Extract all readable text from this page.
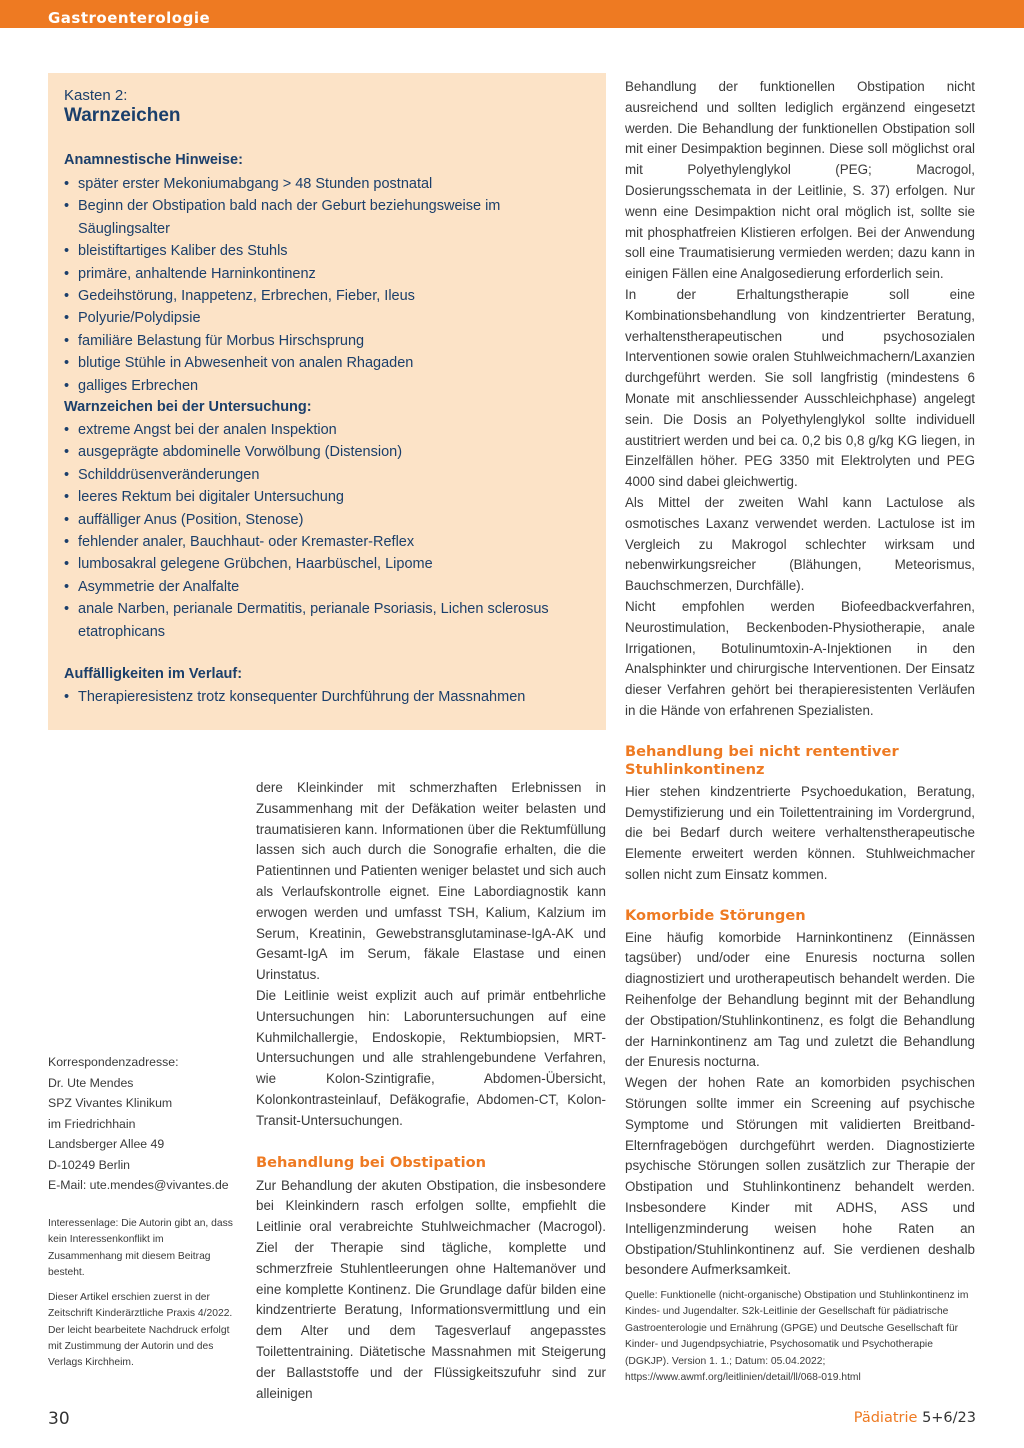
Gastroenterologie
Kasten 2:
Warnzeichen
Anamnestische Hinweise:
• später erster Mekoniumabgang > 48 Stunden postnatal
• Beginn der Obstipation bald nach der Geburt beziehungsweise im Säuglingsalter
• bleistiftartiges Kaliber des Stuhls
• primäre, anhaltende Harninkontinenz
• Gedeihstörung, Inappetenz, Erbrechen, Fieber, Ileus
• Polyurie/Polydipsie
• familiäre Belastung für Morbus Hirschsprung
• blutige Stühle in Abwesenheit von analen Rhagaden
• galliges Erbrechen
Warnzeichen bei der Untersuchung:
• extreme Angst bei der analen Inspektion
• ausgeprägte abdominelle Vorwölbung (Distension)
• Schilddrüsenveränderungen
• leeres Rektum bei digitaler Untersuchung
• auffälliger Anus (Position, Stenose)
• fehlender analer, Bauchhaut- oder Kremaster-Reflex
• lumbosakral gelegene Grübchen, Haarbüschel, Lipome
• Asymmetrie der Analfalte
• anale Narben, perianale Dermatitis, perianale Psoriasis, Lichen sclerosus etatrophicans
Auffälligkeiten im Verlauf:
• Therapieresistenz trotz konsequenter Durchführung der Massnahmen
Korrespondenzadresse:
Dr. Ute Mendes
SPZ Vivantes Klinikum
im Friedrichhain
Landsberger Allee 49
D-10249 Berlin
E-Mail: ute.mendes@vivantes.de

Interessenlage: Die Autorin gibt an, dass kein Interessenkonflikt im Zusammenhang mit diesem Beitrag besteht.

Dieser Artikel erschien zuerst in der Zeitschrift Kinderärztliche Praxis 4/2022. Der leicht bearbeitete Nachdruck erfolgt mit Zustimmung der Autorin und des Verlags Kirchheim.

dere Kleinkinder mit schmerzhaften Erlebnissen in Zusammenhang mit der Defäkation weiter belasten und traumatisieren kann. Informationen über die Rektumfüllung lassen sich auch durch die Sonografie erhalten, die die Patientinnen und Patienten weniger belastet und sich auch als Verlaufskontrolle eignet. Eine Labordiagnostik kann erwogen werden und umfasst TSH, Kalium, Kalzium im Serum, Kreatinin, Gewebstransglutaminase-IgA-AK und Gesamt-IgA im Serum, fäkale Elastase und einen Urinstatus.

Die Leitlinie weist explizit auch auf primär entbehrliche Untersuchungen hin: Laboruntersuchungen auf eine Kuhmilchallergie, Endoskopie, Rektumbiopsien, MRT-Untersuchungen und alle strahlengebundene Verfahren, wie Kolon-Szintigrafie, Abdomen-Übersicht, Kolonkontrasteinlauf, Defäkografie, Abdomen-CT, Kolon-Transit-Untersuchungen.

Behandlung bei Obstipation

Zur Behandlung der akuten Obstipation, die insbesondere bei Kleinkindern rasch erfolgen sollte, empfiehlt die Leitlinie oral verabreichte Stuhlweichmacher (Macrogol). Ziel der Therapie sind tägliche, komplette und schmerzfreie Stuhlentleerungen ohne Haltemanöver und eine komplette Kontinenz. Die Grundlage dafür bilden eine kindzentrierte Beratung, Informationsvermittlung und ein dem Alter und dem Tagesverlauf angepasstes Toilettentraining. Diätetische Massnahmen mit Steigerung der Ballaststoffe und der Flüssigkeitszufuhr sind zur alleinigen

Behandlung der funktionellen Obstipation nicht ausreichend und sollten lediglich ergänzend eingesetzt werden. Die Behandlung der funktionellen Obstipation soll mit einer Desimpaktion beginnen. Diese soll möglichst oral mit Polyethylenglykol (PEG; Macrogol, Dosierungsschemata in der Leitlinie, S. 37) erfolgen. Nur wenn eine Desimpaktion nicht oral möglich ist, sollte sie mit phosphatfreien Klistieren erfolgen. Bei der Anwendung soll eine Traumatisierung vermieden werden; dazu kann in einigen Fällen eine Analgosedierung erforderlich sein.

In der Erhaltungstherapie soll eine Kombinationsbehandlung von kindzentrierter Beratung, verhaltenstherapeutischen und psychosozialen Interventionen sowie oralen Stuhlweichmachern/Laxanzien durchgeführt werden. Sie soll langfristig (mindestens 6 Monate mit anschliessender Ausschleichphase) angelegt sein. Die Dosis an Polyethylenglykol sollte individuell austitriert werden und bei ca. 0,2 bis 0,8 g/kg KG liegen, in Einzelfällen höher. PEG 3350 mit Elektrolyten und PEG 4000 sind dabei gleichwertig.

Als Mittel der zweiten Wahl kann Lactulose als osmotisches Laxanz verwendet werden. Lactulose ist im Vergleich zu Makrogol schlechter wirksam und nebenwirkungsreicher (Blähungen, Meteorismus, Bauchschmerzen, Durchfälle).

Nicht empfohlen werden Biofeedbackverfahren, Neurostimulation, Beckenboden-Physiotherapie, anale Irrigationen, Botulinumtoxin-A-Injektionen in den Analsphinkter und chirurgische Interventionen. Der Einsatz dieser Verfahren gehört bei therapieresistenten Verläufen in die Hände von erfahrenen Spezialisten.

Behandlung bei nicht rententiver Stuhlinkontinenz

Hier stehen kindzentrierte Psychoedukation, Beratung, Demystifizierung und ein Toilettentraining im Vordergrund, die bei Bedarf durch weitere verhaltenstherapeutische Elemente erweitert werden können. Stuhlweichmacher sollen nicht zum Einsatz kommen.

Komorbide Störungen

Eine häufig komorbide Harninkontinenz (Einnässen tagsüber) und/oder eine Enuresis nocturna sollen diagnostiziert und urotherapeutisch behandelt werden. Die Reihenfolge der Behandlung beginnt mit der Behandlung der Obstipation/Stuhlinkontinenz, es folgt die Behandlung der Harninkontinenz am Tag und zuletzt die Behandlung der Enuresis nocturna.

Wegen der hohen Rate an komorbiden psychischen Störungen sollte immer ein Screening auf psychische Symptome und Störungen mit validierten Breitband-Elternfragebögen durchgeführt werden. Diagnostizierte psychische Störungen sollen zusätzlich zur Therapie der Obstipation und Stuhlinkontinenz behandelt werden. Insbesondere Kinder mit ADHS, ASS und Intelligenzminderung weisen hohe Raten an Obstipation/Stuhlinkontinenz auf. Sie verdienen deshalb besondere Aufmerksamkeit.

Quelle: Funktionelle (nicht-organische) Obstipation und Stuhlinkontinenz im Kindes- und Jugendalter. S2k-Leitlinie der Gesellschaft für pädiatrische Gastroenterologie und Ernährung (GPGE) und Deutsche Gesellschaft für Kinder- und Jugendpsychiatrie, Psychosomatik und Psychotherapie (DGKJP). Version 1. 1.; Datum: 05.04.2022; https://www.awmf.org/leitlinien/detail/ll/068-019.html
30	Pädiatrie 5+6/23
